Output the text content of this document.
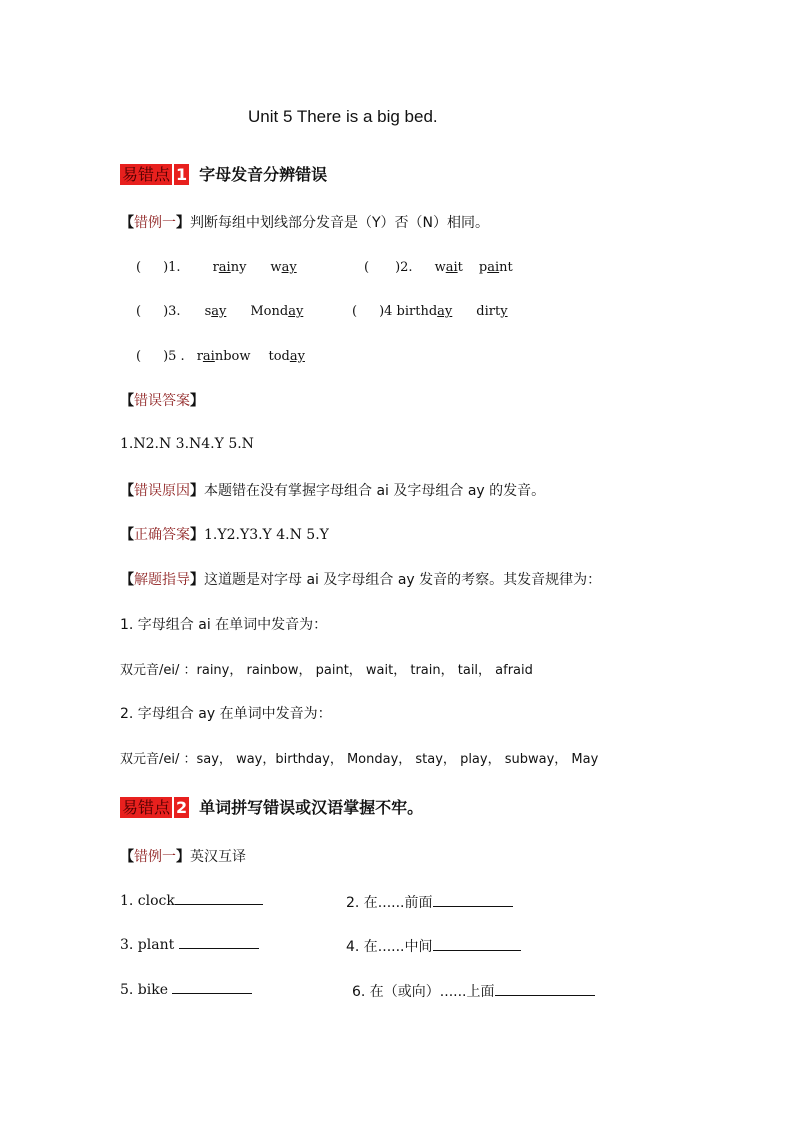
Unit 5 There is a big bed.
易错点 1 字母发音分辨错误
【错例一】判断每组中划线部分发音是（Y）否（N）相同。
( )1. rainy way	( )2. wait paint
( )3. say Monday	( )4 birthday dirty
( )5 . rainbow today
【错误答案】
1.N2.N 3.N4.Y 5.N
【错误原因】本题错在没有掌握字母组合 ai 及字母组合 ay 的发音。
【正确答案】1.Y2.Y3.Y 4.N 5.Y
【解题指导】这道题是对字母 ai 及字母组合 ay 发音的考察。其发音规律为：
1. 字母组合 ai 在单词中发音为：
双元音/ei/ ：rainy， rainbow， paint， wait， train， tail， afraid
2. 字母组合 ay 在单词中发音为：
双元音/ei/ ：say， way，birthday， Monday， stay， play， subway， May
易错点 2 单词拼写错误或汉语掌握不牢。
【错例一】英汉互译
1. clock	2. 在......前面
3. plant	4. 在......中间
5. bike	6. 在（或向）......上面
